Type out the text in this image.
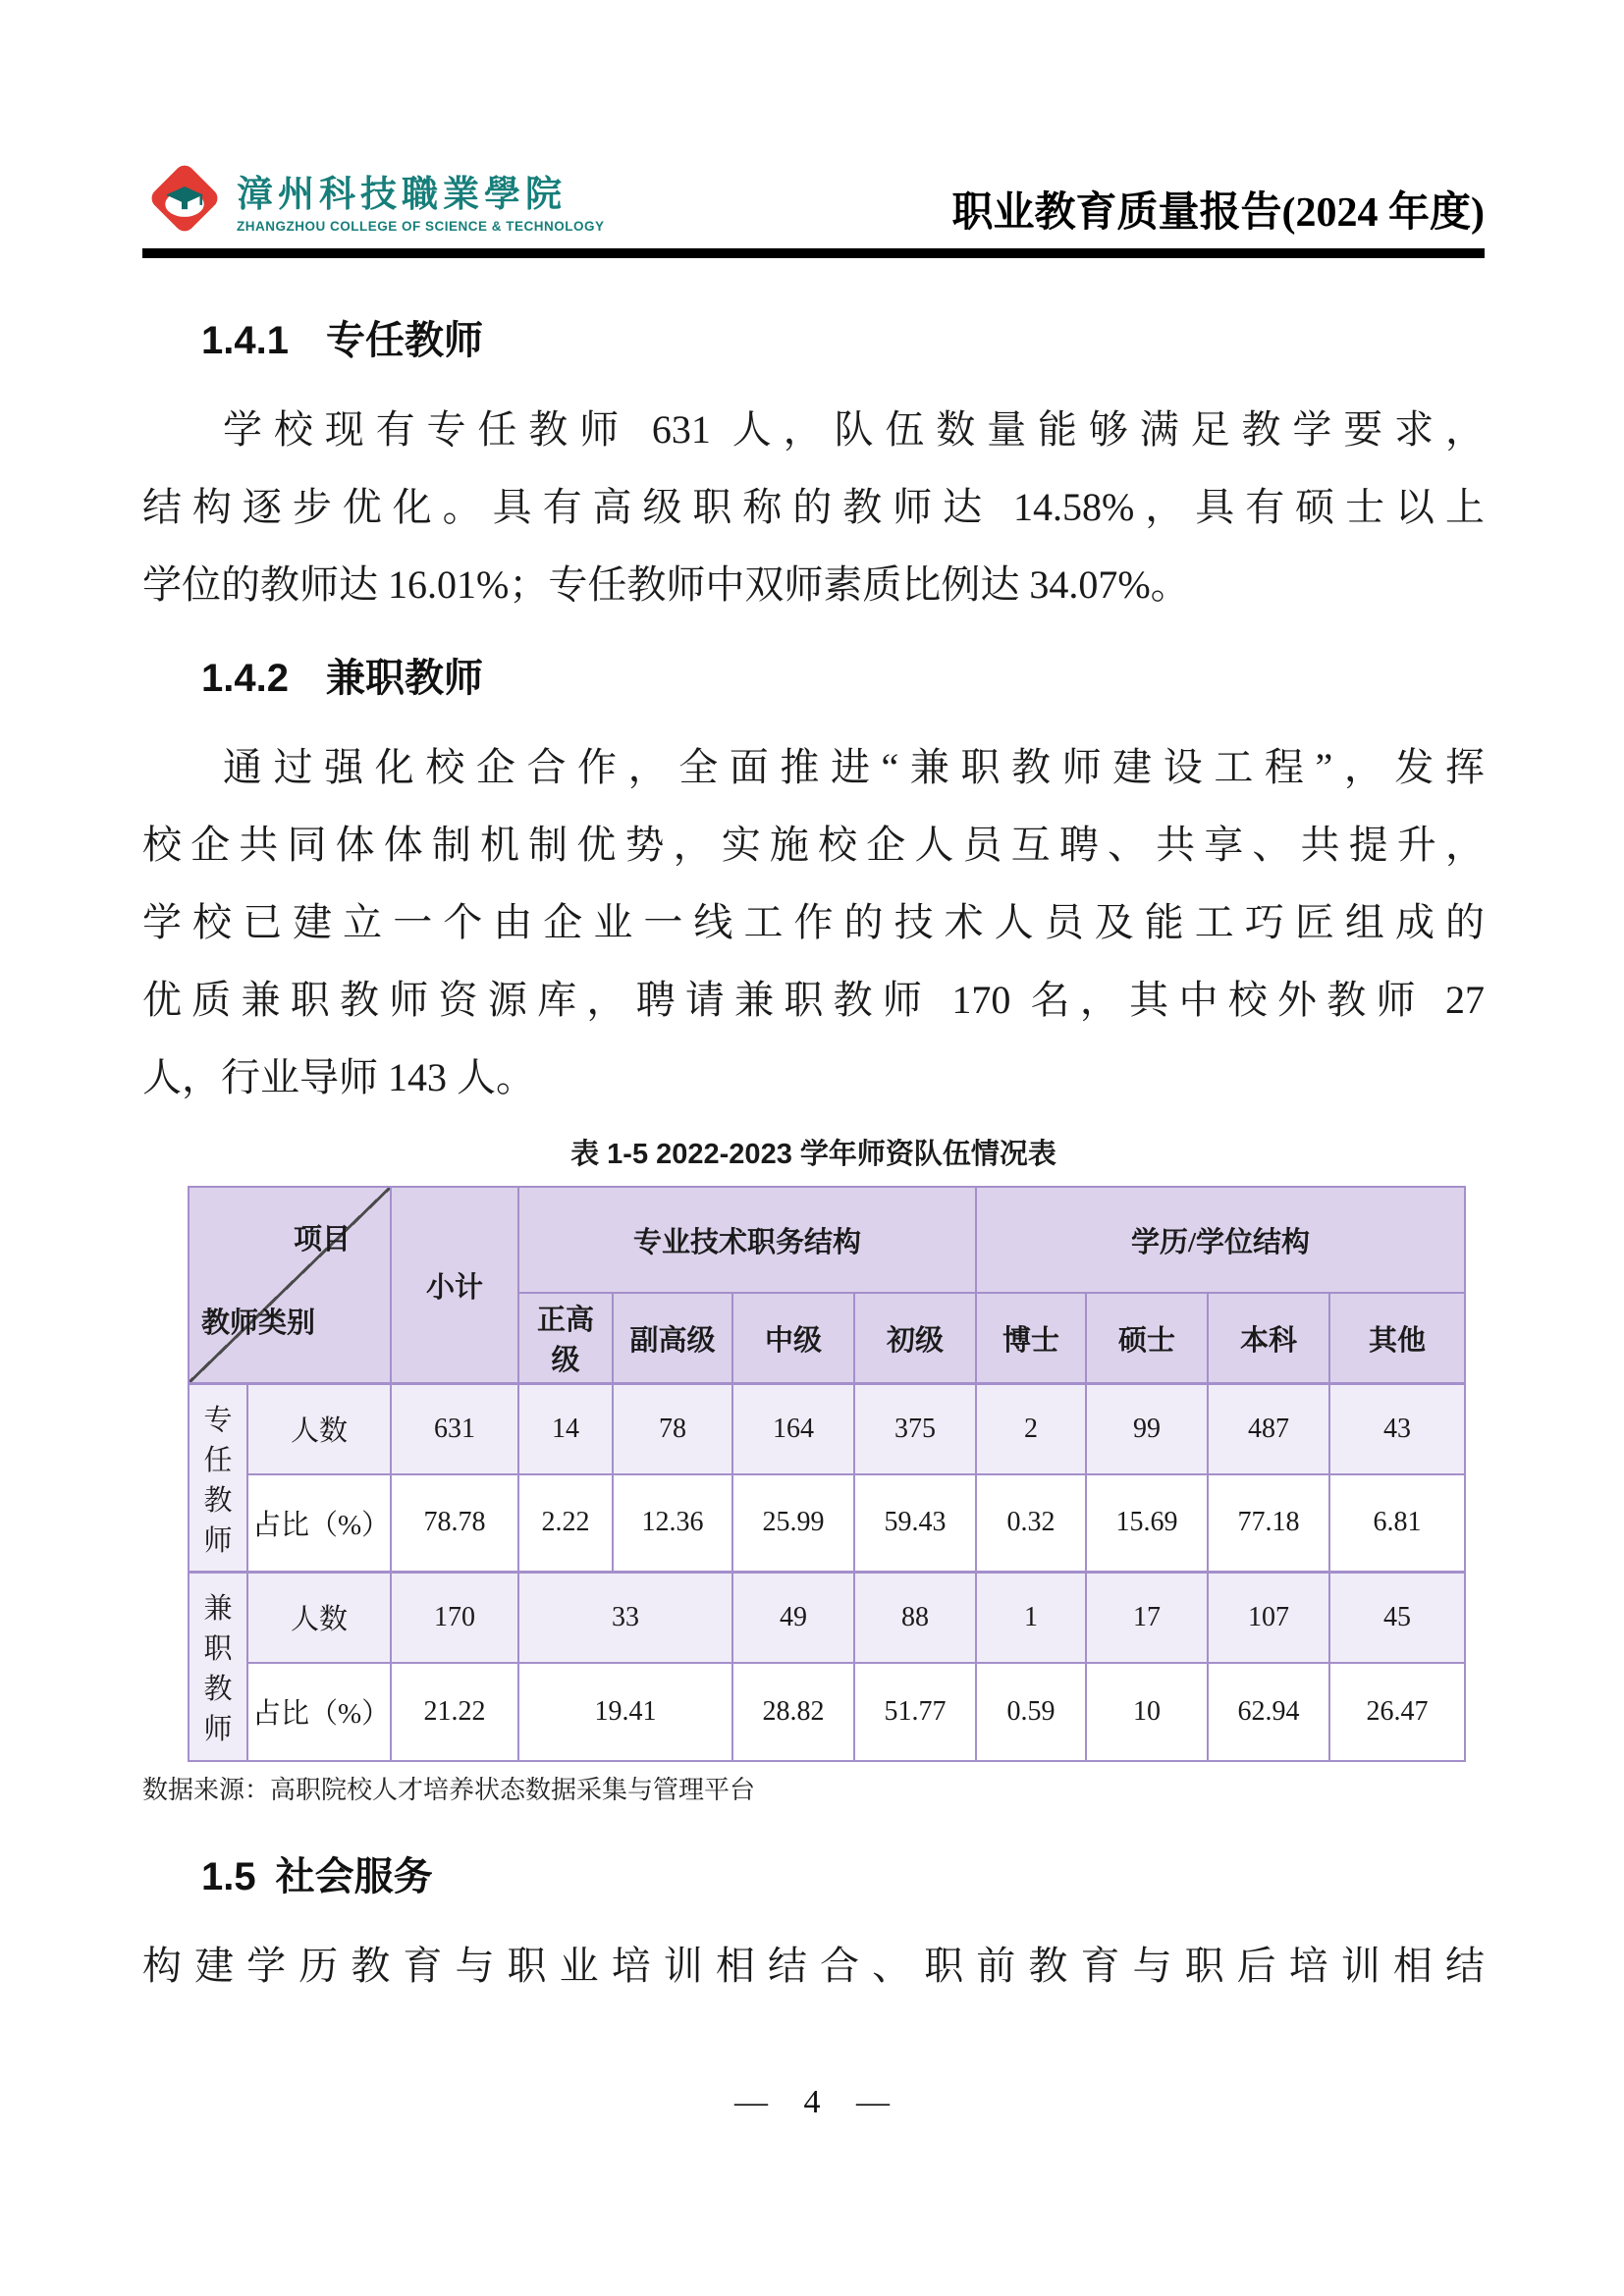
漳州科技職業學院
ZHANGZHOU COLLEGE OF SCIENCE & TECHNOLOGY	职业教育质量报告(2024 年度)
1.4.1 专任教师
学校现有专任教师 631 人，队伍数量能够满足教学要求，
结构逐步优化。具有高级职称的教师达 14.58%，具有硕士以上
学位的教师达 16.01%；专任教师中双师素质比例达 34.07%。
1.4.2 兼职教师
通过强化校企合作，全面推进“兼职教师建设工程”，发挥
校企共同体体制机制优势，实施校企人员互聘、共享、共提升，
学校已建立一个由企业一线工作的技术人员及能工巧匠组成的
优质兼职教师资源库，聘请兼职教师 170 名，其中校外教师 27
人，行业导师 143 人。
表 1-5 2022-2023 学年师资队伍情况表
项目
教师类别		小计	专业技术职务结构				学历/学位结构			
			正高级	副高级	中级	初级	博士	硕士	本科	其他
专任教师	人数	631	14	78	164	375	2	99	487	43
	占比（%）	78.78	2.22	12.36	25.99	59.43	0.32	15.69	77.18	6.81
兼职教师	人数	170	33		49	88	1	17	107	45
	占比（%）	21.22	19.41		28.82	51.77	0.59	10	62.94	26.47
数据来源：高职院校人才培养状态数据采集与管理平台
1.5 社会服务
构建学历教育与职业培训相结合、职前教育与职后培训相结
— 4 —
